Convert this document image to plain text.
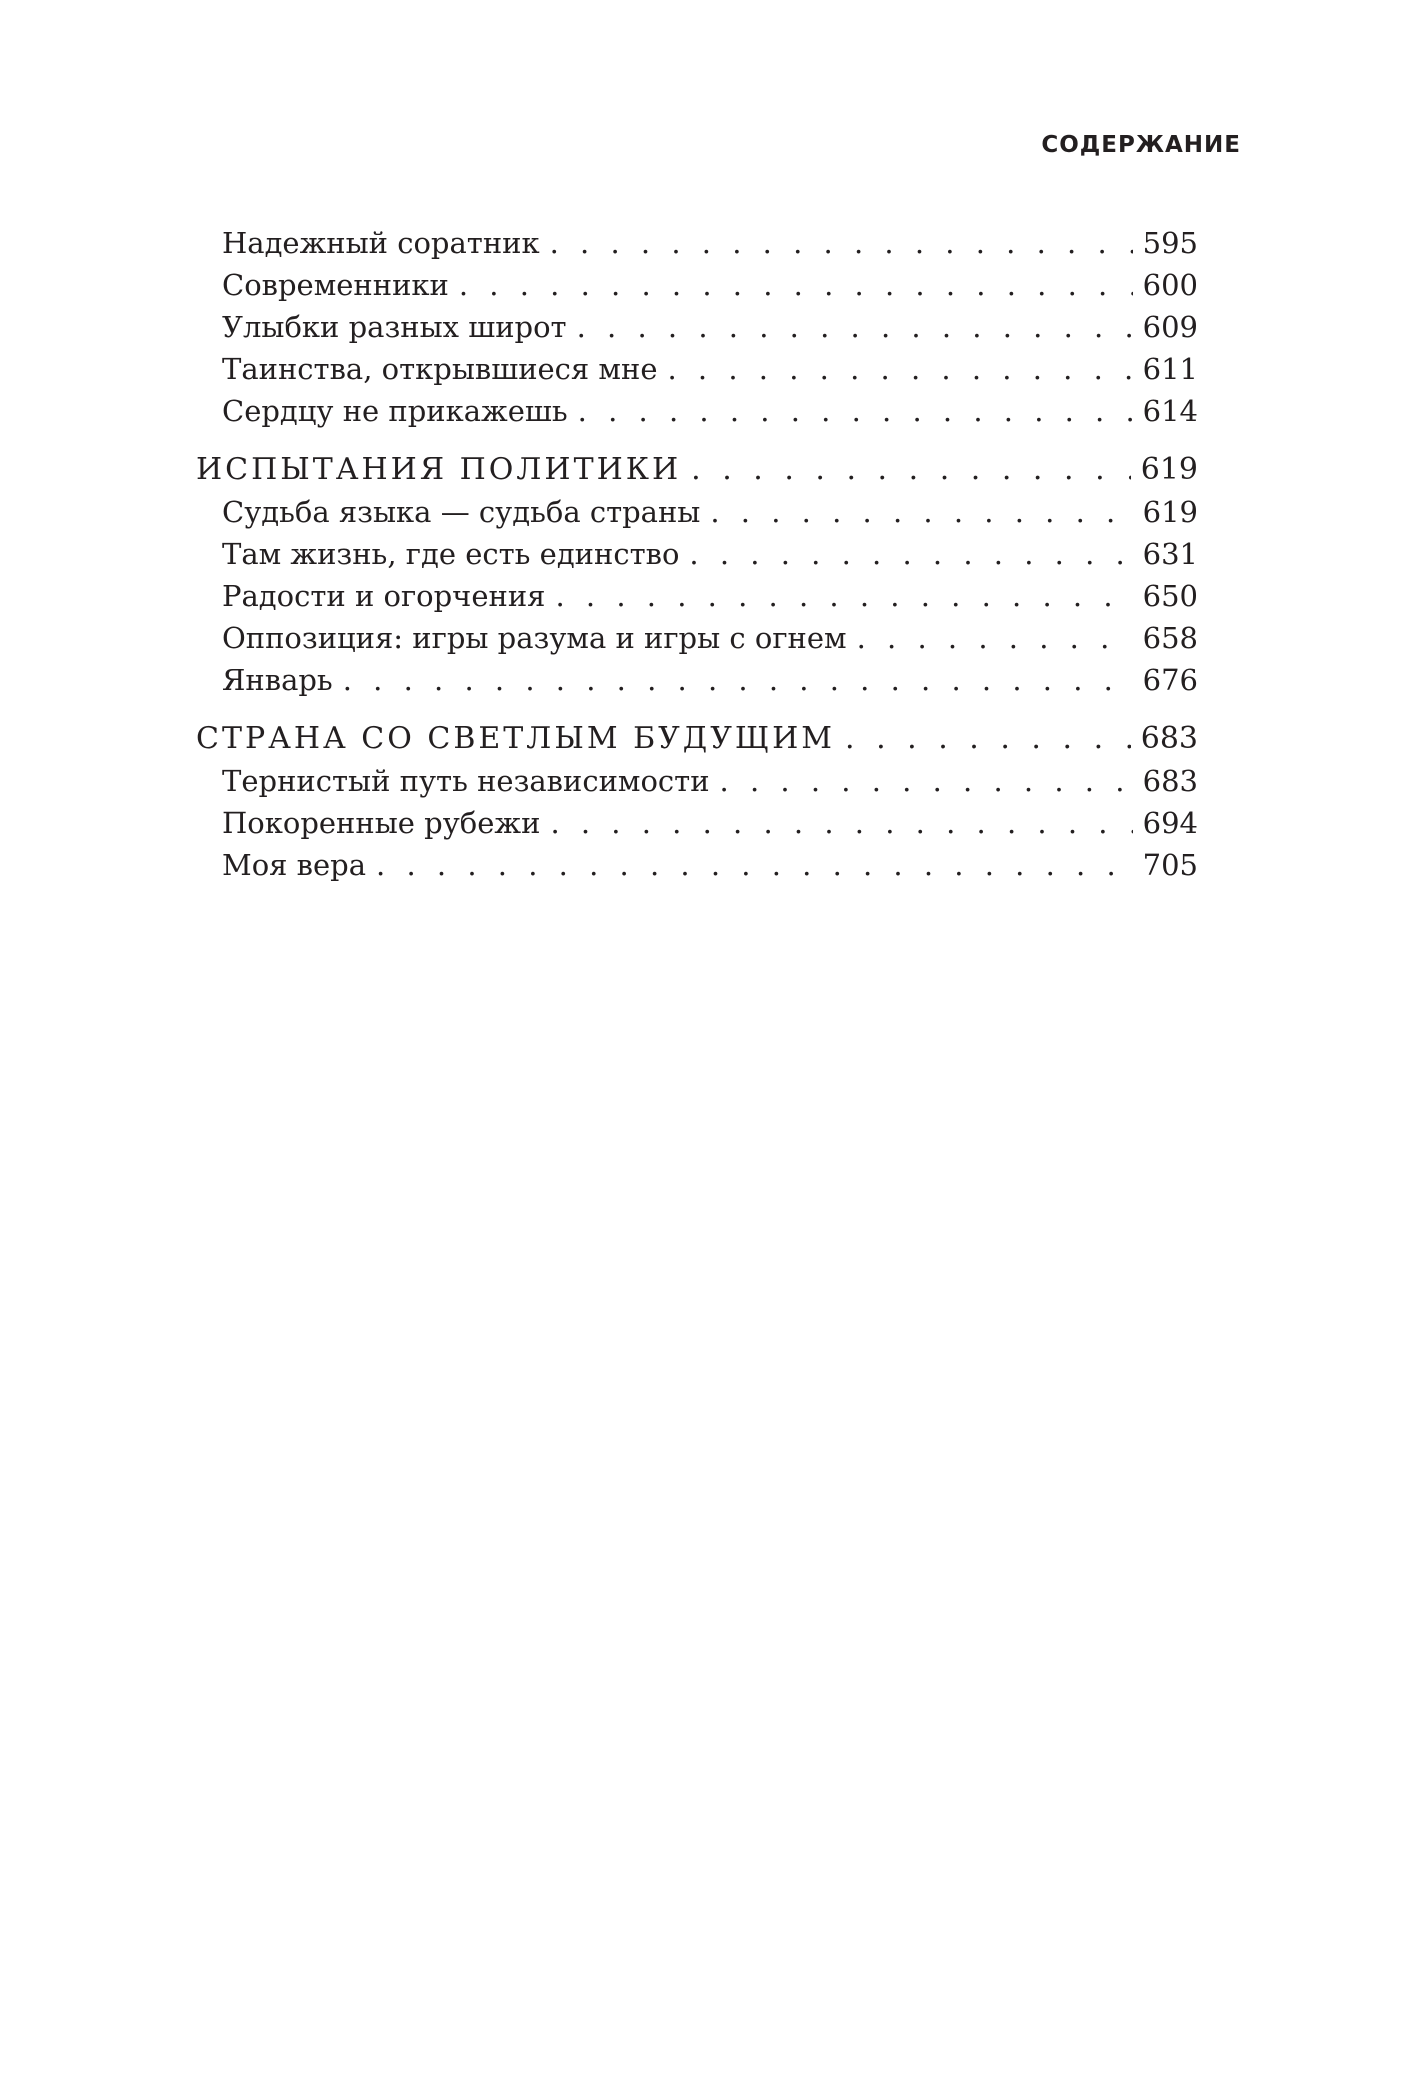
СОДЕРЖАНИЕ
Надежный соратник . . .	595
Современники . . .	600
Улыбки разных широт . . .	609
Таинства, открывшиеся мне . . .	611
Сердцу не прикажешь . . .	614
ИСПЫТАНИЯ ПОЛИТИКИ . . .	619
Судьба языка — судьба страны . . .	619
Там жизнь, где есть единство . . .	631
Радости и огорчения . . .	650
Оппозиция: игры разума и игры с огнем . . .	658
Январь . . .	676
СТРАНА СО СВЕТЛЫМ БУДУЩИМ . . .	683
Тернистый путь независимости . . .	683
Покоренные рубежи . . .	694
Моя вера . . .	705
